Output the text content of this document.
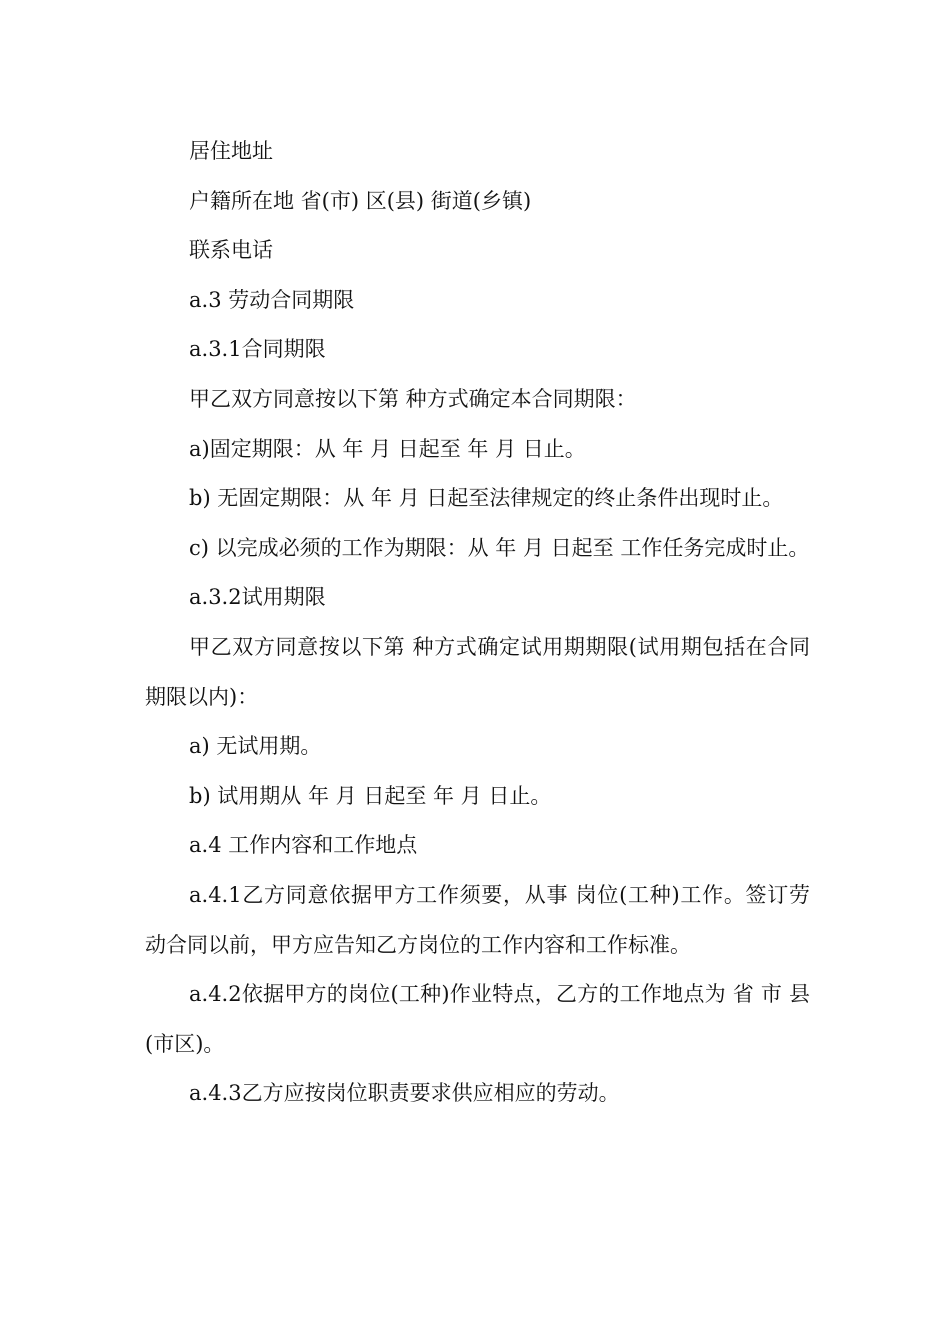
居住地址

户籍所在地 省(市) 区(县) 街道(乡镇)

联系电话

a.3 劳动合同期限

a.3.1合同期限

甲乙双方同意按以下第 种方式确定本合同期限：

a)固定期限：从 年 月 日起至 年 月 日止。

b) 无固定期限：从 年 月 日起至法律规定的终止条件出现时止。

c) 以完成必须的工作为期限：从 年 月 日起至 工作任务完成时止。

a.3.2试用期限

甲乙双方同意按以下第 种方式确定试用期期限(试用期包括在合同期限以内)：

a) 无试用期。

b) 试用期从 年 月 日起至 年 月 日止。

a.4 工作内容和工作地点

a.4.1乙方同意依据甲方工作须要，从事 岗位(工种)工作。签订劳动合同以前，甲方应告知乙方岗位的工作内容和工作标准。

a.4.2依据甲方的岗位(工种)作业特点，乙方的工作地点为 省 市 县(市区)。

a.4.3乙方应按岗位职责要求供应相应的劳动。
